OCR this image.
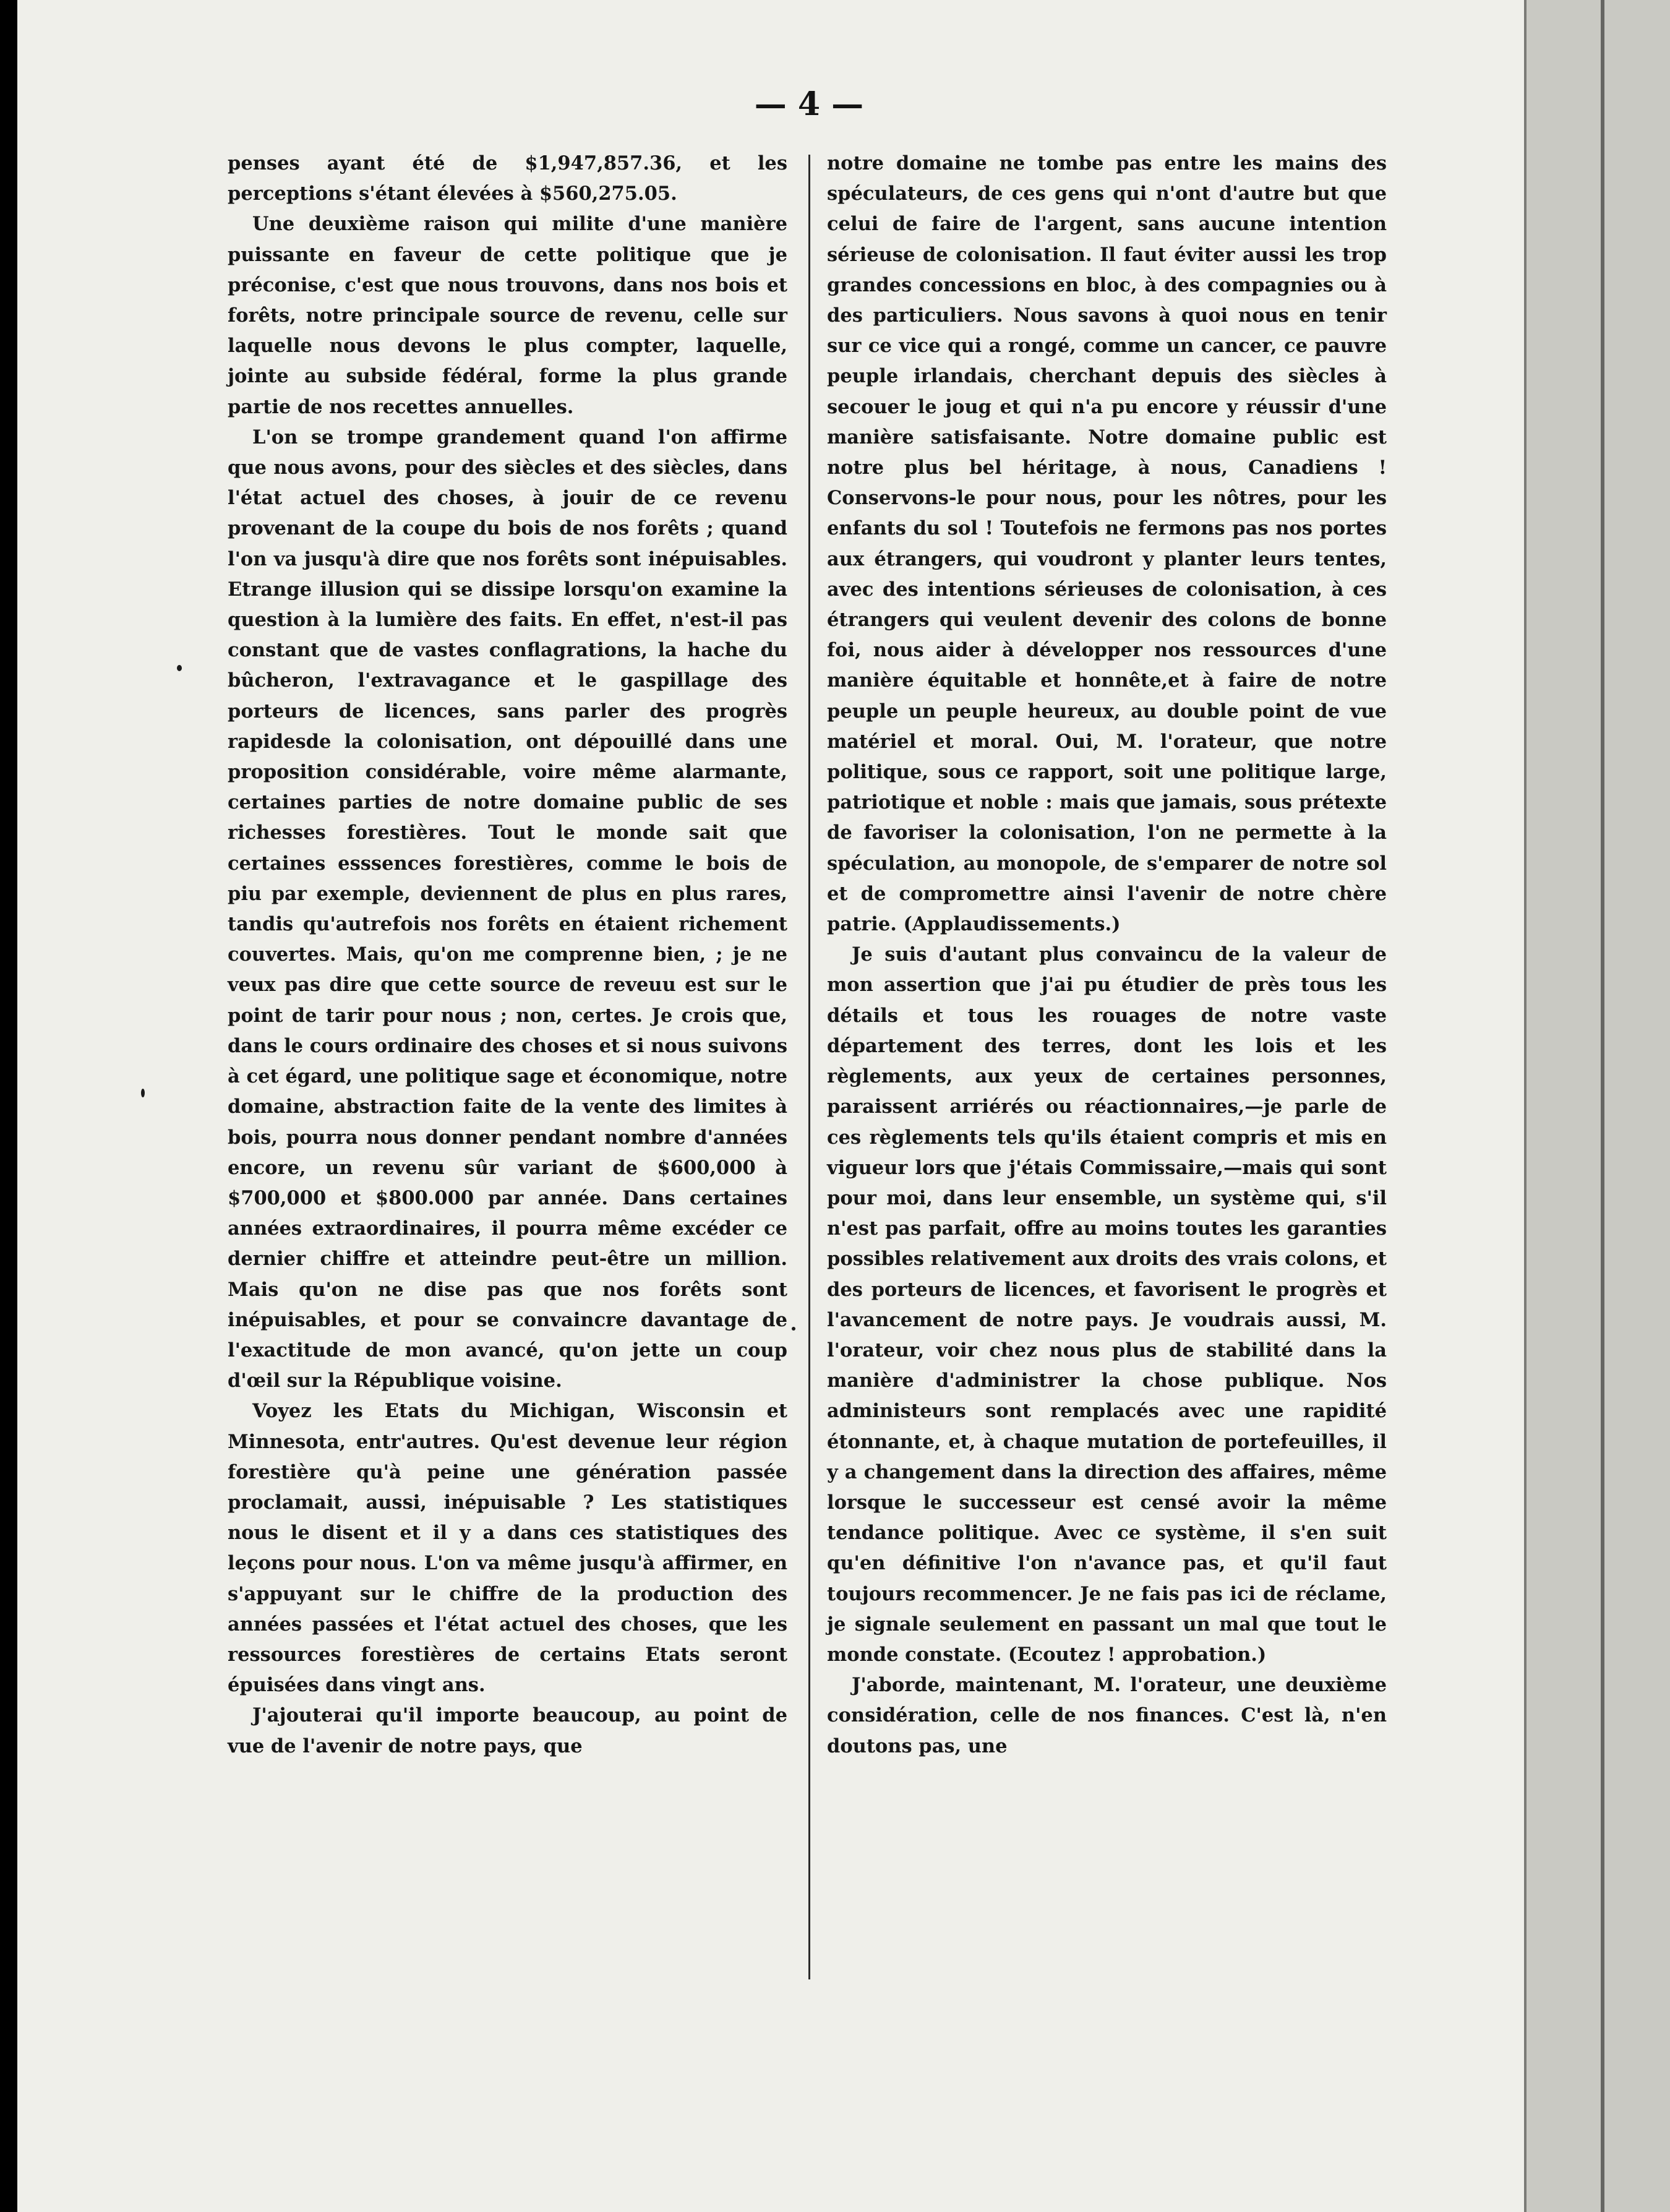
— 4 —

penses ayant été de $1,947,857.36, et les perceptions s'étant élevées à $560,275.05.

Une deuxième raison qui milite d'une manière puissante en faveur de cette politique que je préconise, c'est que nous trouvons, dans nos bois et forêts, notre principale source de revenu, celle sur laquelle nous devons le plus compter, laquelle, jointe au subside fédéral, forme la plus grande partie de nos recettes annuelles.

L'on se trompe grandement quand l'on affirme que nous avons, pour des siècles et des siècles, dans l'état actuel des choses, à jouir de ce revenu provenant de la coupe du bois de nos forêts ; quand l'on va jusqu'à dire que nos forêts sont inépuisables. Etrange illusion qui se dissipe lorsqu'on examine la question à la lumière des faits. En effet, n'est-il pas constant que de vastes conflagrations, la hache du bûcheron, l'extravagance et le gaspillage des porteurs de licences, sans parler des progrès rapidesde la colonisation, ont dépouillé dans une proposition considérable, voire même alarmante, certaines parties de notre domaine public de ses richesses forestières. Tout le monde sait que certaines esssences forestières, comme le bois de piu par exemple, deviennent de plus en plus rares, tandis qu'autrefois nos forêts en étaient richement couvertes. Mais, qu'on me comprenne bien, ; je ne veux pas dire que cette source de reveuu est sur le point de tarir pour nous ; non, certes. Je crois que, dans le cours ordinaire des choses et si nous suivons à cet égard, une politique sage et économique, notre domaine, abstraction faite de la vente des limites à bois, pourra nous donner pendant nombre d'années encore, un revenu sûr variant de $600,000 à $700,000 et $800.000 par année. Dans certaines années extraordinaires, il pourra même excéder ce dernier chiffre et atteindre peut-être un million. Mais qu'on ne dise pas que nos forêts sont inépuisables, et pour se convaincre davantage de l'exactitude de mon avancé, qu'on jette un coup d'œil sur la République voisine.

Voyez les Etats du Michigan, Wisconsin et Minnesota, entr'autres. Qu'est devenue leur région forestière qu'à peine une génération passée proclamait, aussi, inépuisable ? Les statistiques nous le disent et il y a dans ces statistiques des leçons pour nous. L'on va même jusqu'à affirmer, en s'appuyant sur le chiffre de la production des années passées et l'état actuel des choses, que les ressources forestières de certains Etats seront épuisées dans vingt ans.

J'ajouterai qu'il importe beaucoup, au point de vue de l'avenir de notre pays, que

notre domaine ne tombe pas entre les mains des spéculateurs, de ces gens qui n'ont d'autre but que celui de faire de l'argent, sans aucune intention sérieuse de colonisation. Il faut éviter aussi les trop grandes concessions en bloc, à des compagnies ou à des particuliers. Nous savons à quoi nous en tenir sur ce vice qui a rongé, comme un cancer, ce pauvre peuple irlandais, cherchant depuis des siècles à secouer le joug et qui n'a pu encore y réussir d'une manière satisfaisante. Notre domaine public est notre plus bel héritage, à nous, Canadiens ! Conservons-le pour nous, pour les nôtres, pour les enfants du sol ! Toutefois ne fermons pas nos portes aux étrangers, qui voudront y planter leurs tentes, avec des intentions sérieuses de colonisation, à ces étrangers qui veulent devenir des colons de bonne foi, nous aider à développer nos ressources d'une manière équitable et honnête,et à faire de notre peuple un peuple heureux, au double point de vue matériel et moral. Oui, M. l'orateur, que notre politique, sous ce rapport, soit une politique large, patriotique et noble : mais que jamais, sous prétexte de favoriser la colonisation, l'on ne permette à la spéculation, au monopole, de s'emparer de notre sol et de compromettre ainsi l'avenir de notre chère patrie. (Applaudissements.)

Je suis d'autant plus convaincu de la valeur de mon assertion que j'ai pu étudier de près tous les détails et tous les rouages de notre vaste département des terres, dont les lois et les règlements, aux yeux de certaines personnes, paraissent arriérés ou réactionnaires,—je parle de ces règlements tels qu'ils étaient compris et mis en vigueur lors que j'étais Commissaire,—mais qui sont pour moi, dans leur ensemble, un système qui, s'il n'est pas parfait, offre au moins toutes les garanties possibles relativement aux droits des vrais colons, et des porteurs de licences, et favorisent le progrès et l'avancement de notre pays. Je voudrais aussi, M. l'orateur, voir chez nous plus de stabilité dans la manière d'administrer la chose publique. Nos administeurs sont remplacés avec une rapidité étonnante, et, à chaque mutation de portefeuilles, il y a changement dans la direction des affaires, même lorsque le successeur est censé avoir la même tendance politique. Avec ce système, il s'en suit qu'en définitive l'on n'avance pas, et qu'il faut toujours recommencer. Je ne fais pas ici de réclame, je signale seulement en passant un mal que tout le monde constate. (Ecoutez ! approbation.)

J'aborde, maintenant, M. l'orateur, une deuxième considération, celle de nos finances. C'est là, n'en doutons pas, une
